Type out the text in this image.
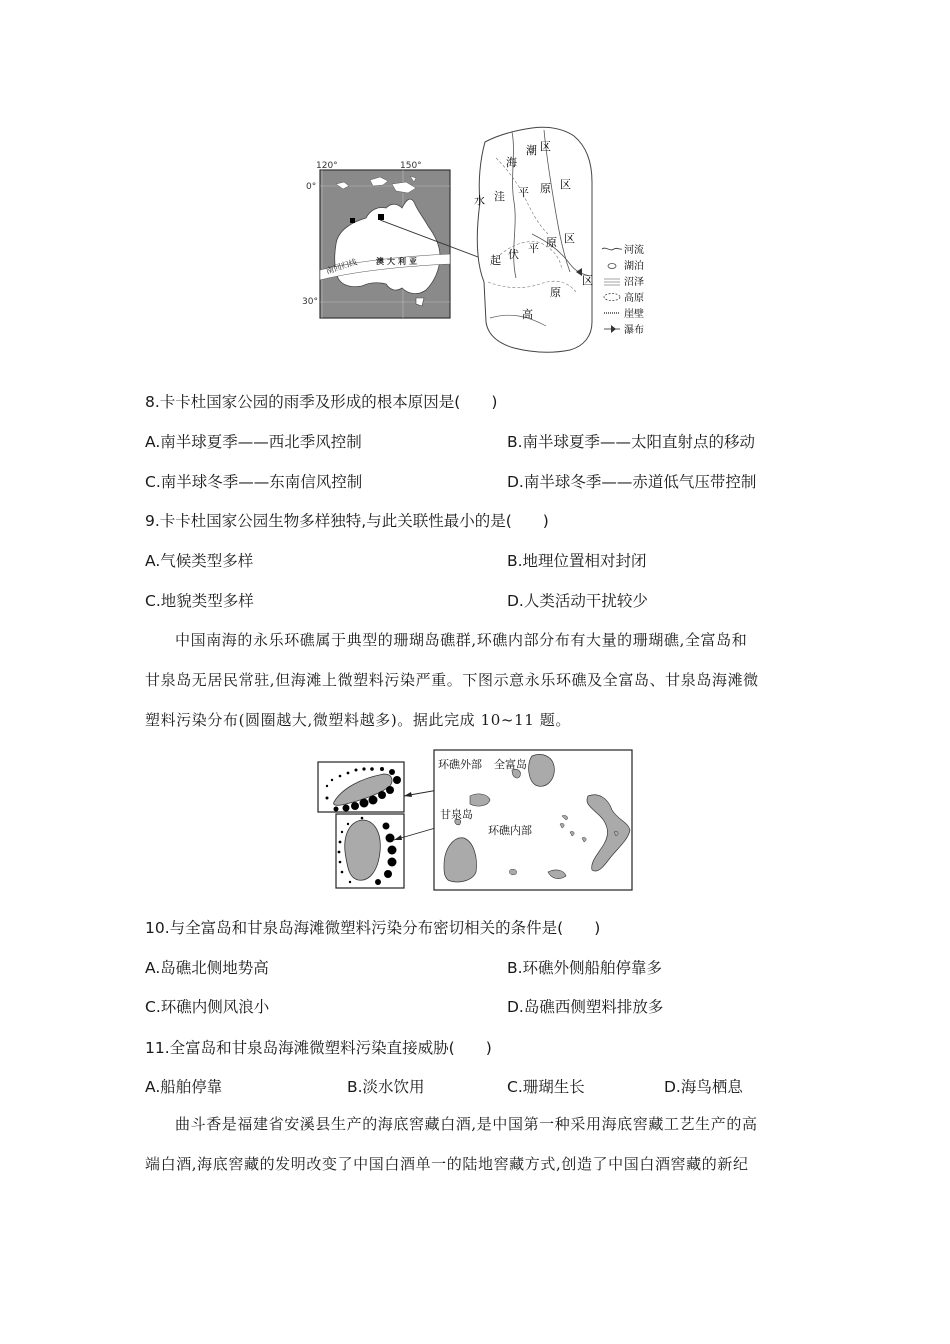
南回归线 澳大利亚
120°	150°
0°
30°
海
潮 区
水 洼 平 原 区
平 原 区
起 伏
原
区
高
河流
湖泊
沼泽
高原
崖壁
瀑布
8.卡卡杜国家公园的雨季及形成的根本原因是(　　)
A.南半球夏季——西北季风控制	B.南半球夏季——太阳直射点的移动
C.南半球冬季——东南信风控制	D.南半球冬季——赤道低气压带控制
9.卡卡杜国家公园生物多样独特,与此关联性最小的是(　　)
A.气候类型多样	B.地理位置相对封闭
C.地貌类型多样	D.人类活动干扰较少
中国南海的永乐环礁属于典型的珊瑚岛礁群,环礁内部分布有大量的珊瑚礁,全富岛和
甘泉岛无居民常驻,但海滩上微塑料污染严重。下图示意永乐环礁及全富岛、甘泉岛海滩微
塑料污染分布(圆圈越大,微塑料越多)。据此完成 10~11 题。
环礁外部 全富岛
甘泉岛
环礁内部
10.与全富岛和甘泉岛海滩微塑料污染分布密切相关的条件是(　　)
A.岛礁北侧地势高	B.环礁外侧船舶停靠多
C.环礁内侧风浪小	D.岛礁西侧塑料排放多
11.全富岛和甘泉岛海滩微塑料污染直接威胁(　　)
A.船舶停靠	B.淡水饮用	C.珊瑚生长	D.海鸟栖息
曲斗香是福建省安溪县生产的海底窖藏白酒,是中国第一种采用海底窖藏工艺生产的高
端白酒,海底窖藏的发明改变了中国白酒单一的陆地窖藏方式,创造了中国白酒窖藏的新纪
